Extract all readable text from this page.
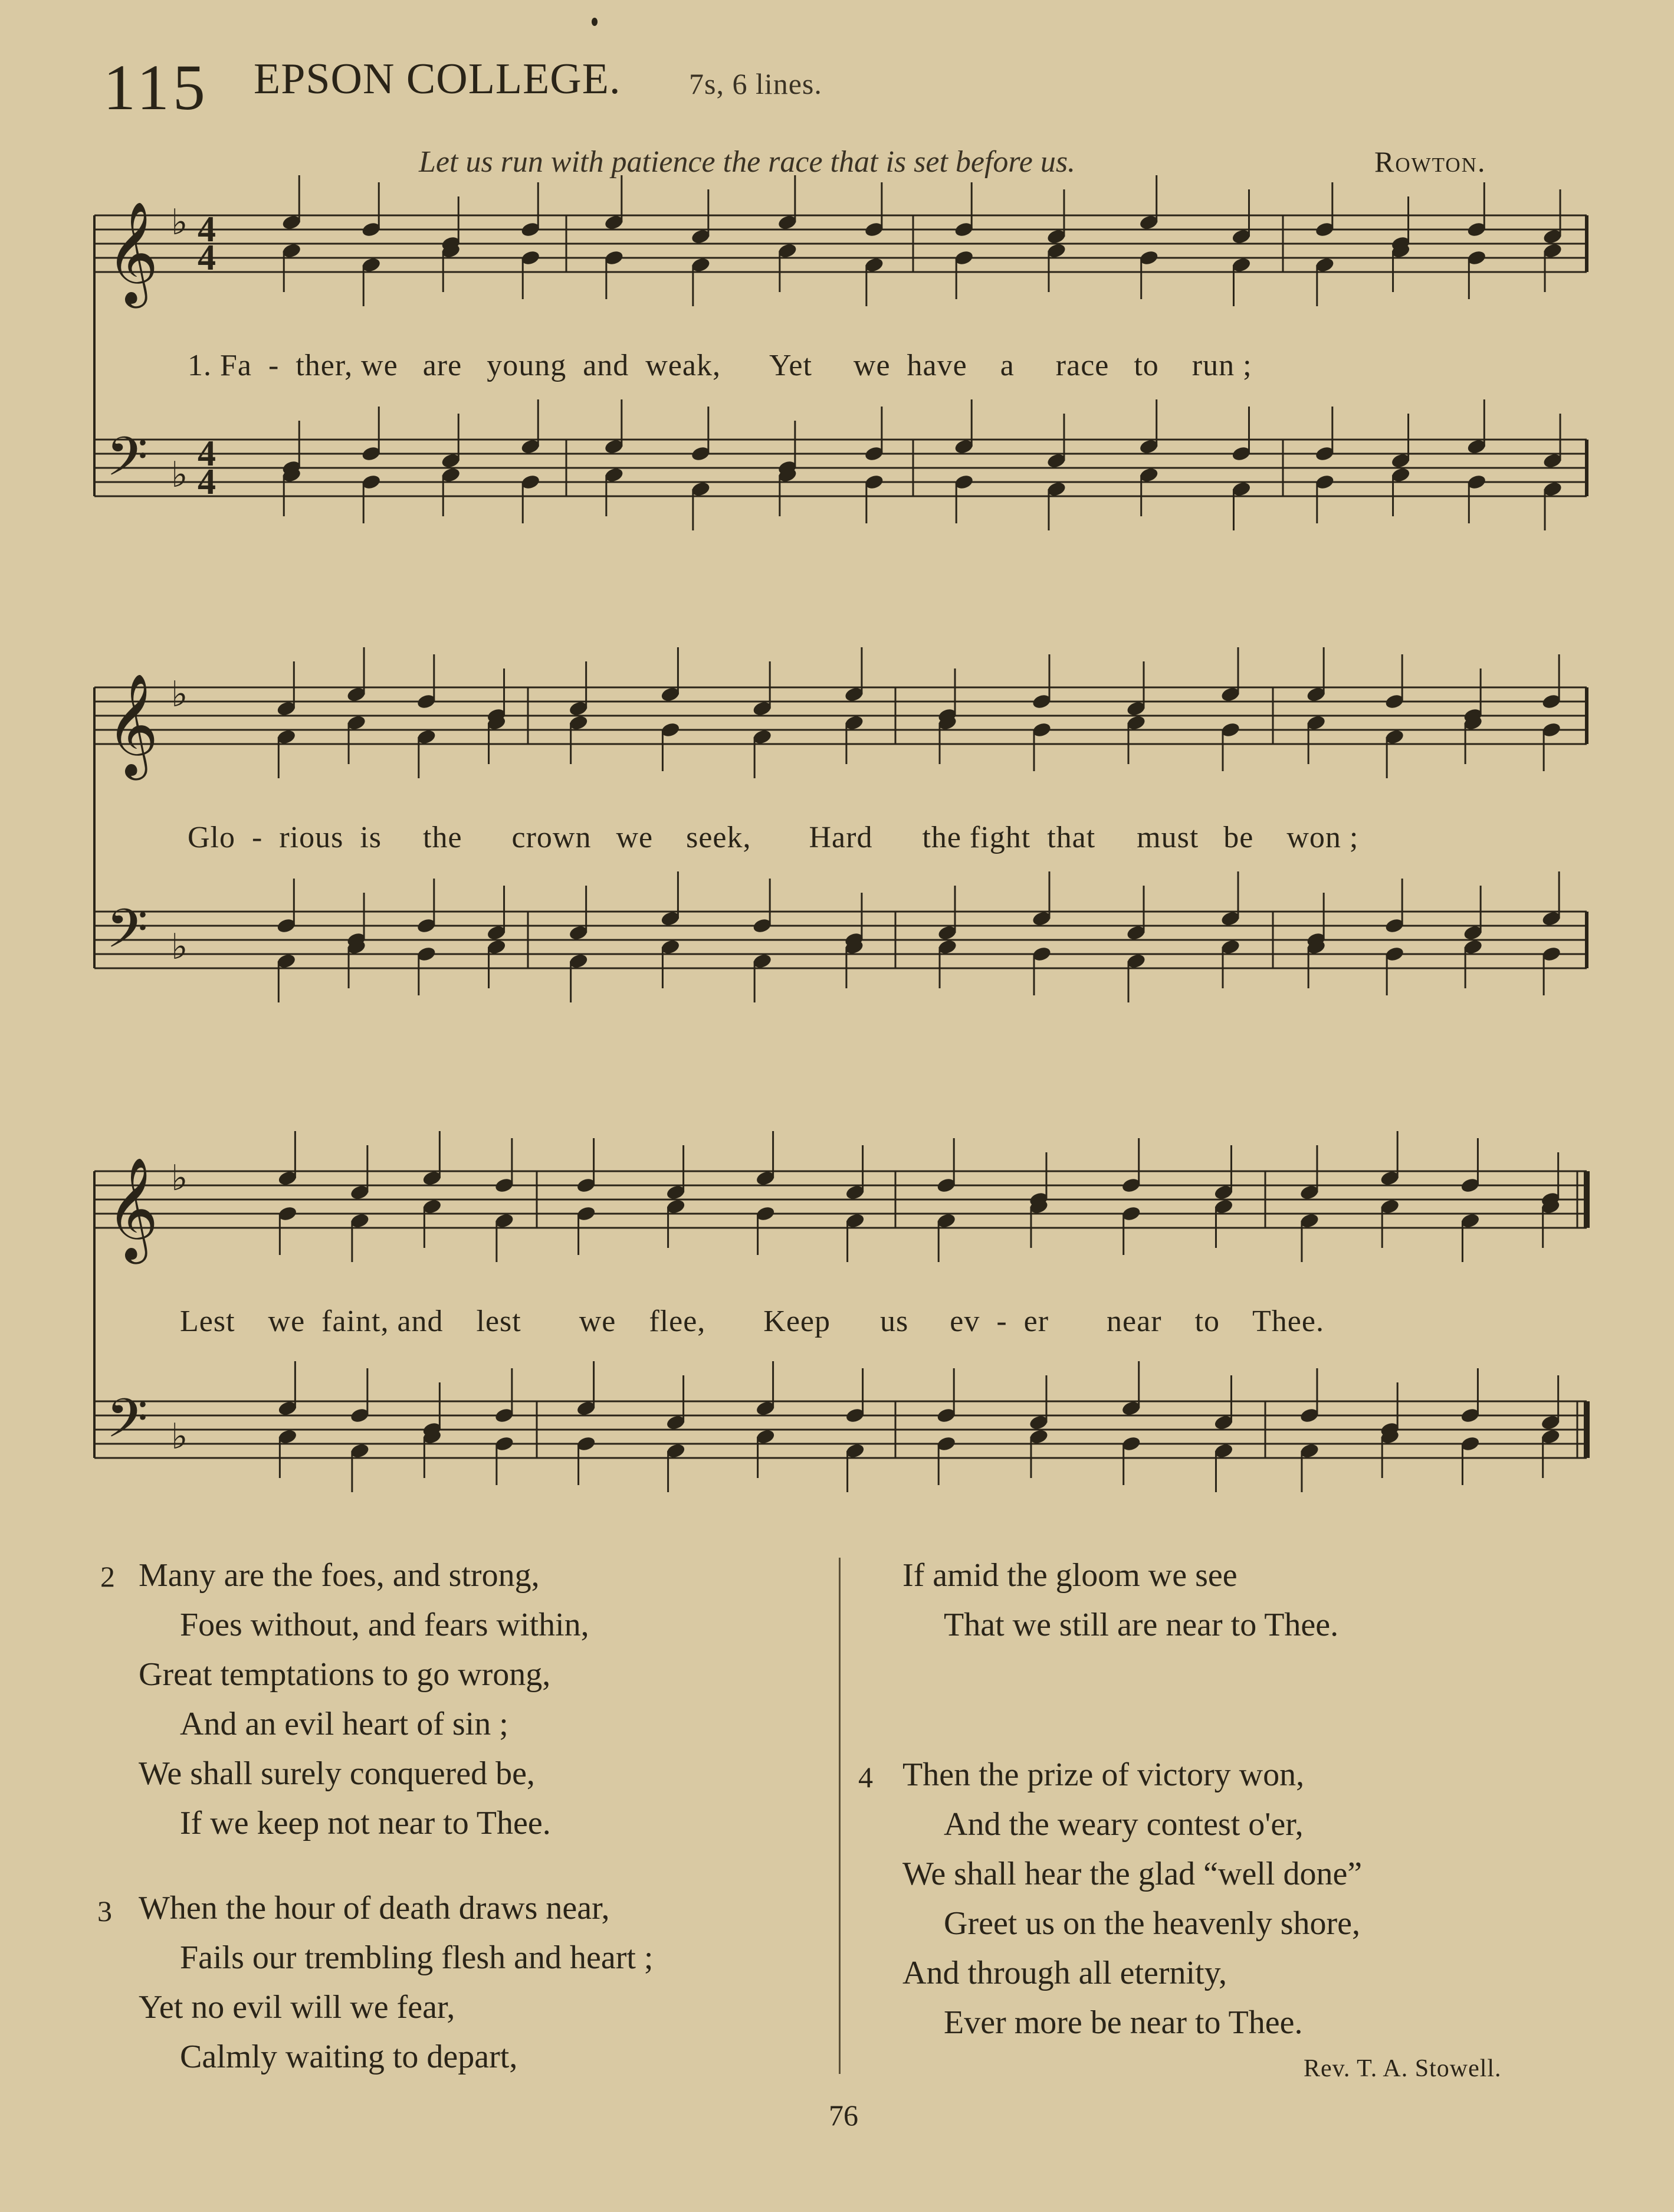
115 EPSON COLLEGE. 7s, 6 lines.
Let us run with patience the race that is set before us.	Rowton.
𝄞 ♭ 4
4
𝄢 ♭
4
4
𝄞 ♭
𝄢 ♭
𝄞 ♭
𝄢 ♭
1. Fa  -  ther, we   are   young  and  weak,      Yet     we  have    a     race   to    run ;
Glo  -  rious  is     the      crown   we    seek,       Hard      the fight  that     must   be    won ;
Lest    we  faint, and    lest       we    flee,       Keep      us     ev  -  er       near    to    Thee.
2 Many are the foes, and strong,
Foes without, and fears within,
Great temptations to go wrong,
And an evil heart of sin ;
We shall surely conquered be,
If we keep not near to Thee.
3 When the hour of death draws near,
Fails our trembling flesh and heart ;
Yet no evil will we fear,
Calmly waiting to depart,
If amid the gloom we see
That we still are near to Thee.
4 Then the prize of victory won,
And the weary contest o'er,
We shall hear the glad “well done”
Greet us on the heavenly shore,
And through all eternity,
Ever more be near to Thee.
Rev. T. A. Stowell.
76
